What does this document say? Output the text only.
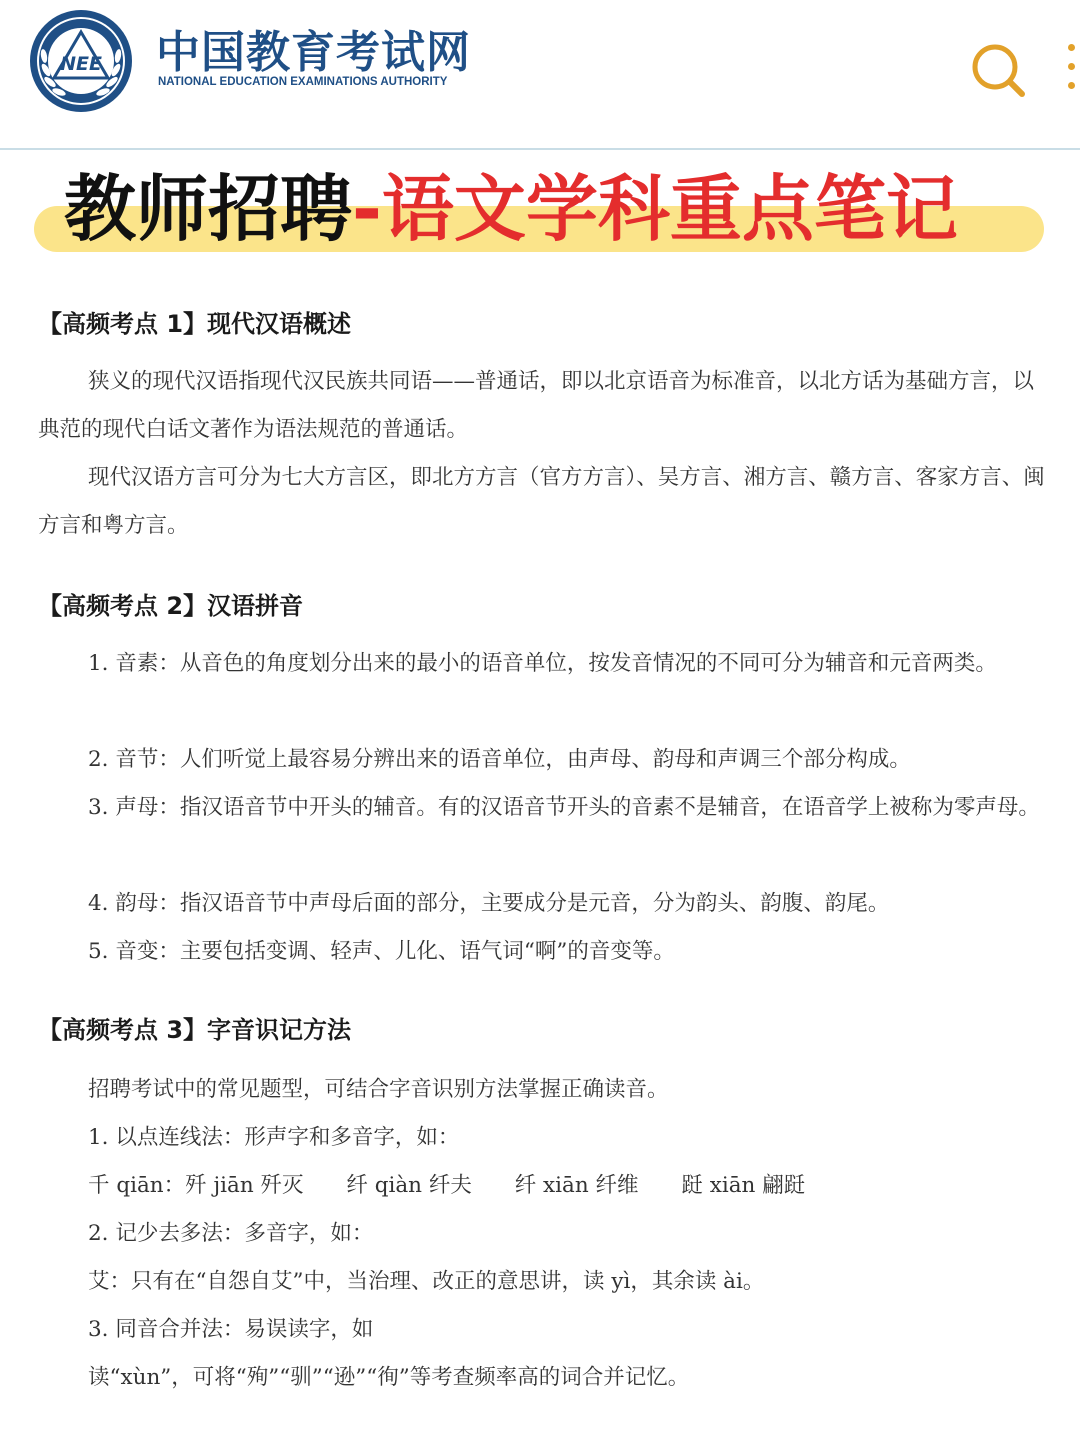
NEE 中国教育考试网
NATIONAL EDUCATION EXAMINATIONS AUTHORITY
教师招聘-语文学科重点笔记
【高频考点 1】现代汉语概述
狭义的现代汉语指现代汉民族共同语——普通话，即以北京语音为标准音，以北方话为基础方言，以典范的现代白话文著作为语法规范的普通话。
现代汉语方言可分为七大方言区，即北方方言（官方方言）、吴方言、湘方言、赣方言、客家方言、闽方言和粤方言。
【高频考点 2】汉语拼音
1. 音素：从音色的角度划分出来的最小的语音单位，按发音情况的不同可分为辅音和元音两类。
2. 音节：人们听觉上最容易分辨出来的语音单位，由声母、韵母和声调三个部分构成。
3. 声母：指汉语音节中开头的辅音。有的汉语音节开头的音素不是辅音，在语音学上被称为零声母。
4. 韵母：指汉语音节中声母后面的部分，主要成分是元音，分为韵头、韵腹、韵尾。
5. 音变：主要包括变调、轻声、儿化、语气词“啊”的音变等。
【高频考点 3】字音识记方法
招聘考试中的常见题型，可结合字音识别方法掌握正确读音。
1. 以点连线法：形声字和多音字，如：
千 qiān：歼 jiān 歼灭 纤 qiàn 纤夫 纤 xiān 纤维 跹 xiān 翩跹
2. 记少去多法：多音字，如：
艾：只有在“自怨自艾”中，当治理、改正的意思讲，读 yì，其余读 ài。
3. 同音合并法：易误读字，如
读“xùn”，可将“殉”“驯”“逊”“徇”等考查频率高的词合并记忆。
